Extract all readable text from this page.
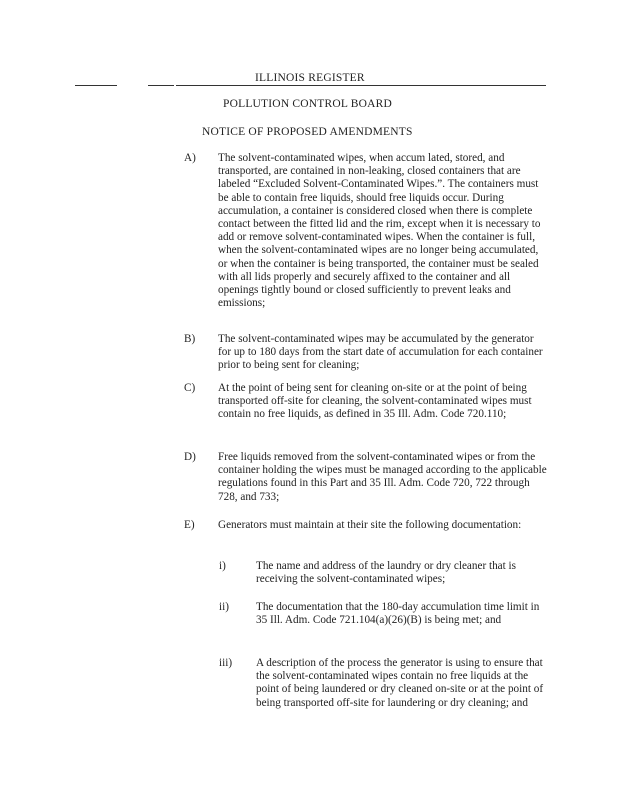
ILLINOIS REGISTER
POLLUTION CONTROL BOARD
NOTICE OF PROPOSED AMENDMENTS
A) The solvent-contaminated wipes, when accum lated, stored, and transported, are contained in non-leaking, closed containers that are labeled “Excluded Solvent-Contaminated Wipes.”. The containers must be able to contain free liquids, should free liquids occur. During accumulation, a container is considered closed when there is complete contact between the fitted lid and the rim, except when it is necessary to add or remove solvent-contaminated wipes. When the container is full, when the solvent-contaminated wipes are no longer being accumulated, or when the container is being transported, the container must be sealed with all lids properly and securely affixed to the container and all openings tightly bound or closed sufficiently to prevent leaks and emissions;
B) The solvent-contaminated wipes may be accumulated by the generator for up to 180 days from the start date of accumulation for each container prior to being sent for cleaning;
C) At the point of being sent for cleaning on-site or at the point of being transported off-site for cleaning, the solvent-contaminated wipes must contain no free liquids, as defined in 35 Ill. Adm. Code 720.110;
D) Free liquids removed from the solvent-contaminated wipes or from the container holding the wipes must be managed according to the applicable regulations found in this Part and 35 Ill. Adm. Code 720, 722 through 728, and 733;
E) Generators must maintain at their site the following documentation:
i)	The name and address of the laundry or dry cleaner that is receiving the solvent-contaminated wipes;
ii) The documentation that the 180-day accumulation time limit in 35 Ill. Adm. Code 721.104(a)(26)(B) is being met; and
iii) A description of the process the generator is using to ensure that the solvent-contaminated wipes contain no free liquids at the point of being laundered or dry cleaned on-site or at the point of being transported off-site for laundering or dry cleaning; and
